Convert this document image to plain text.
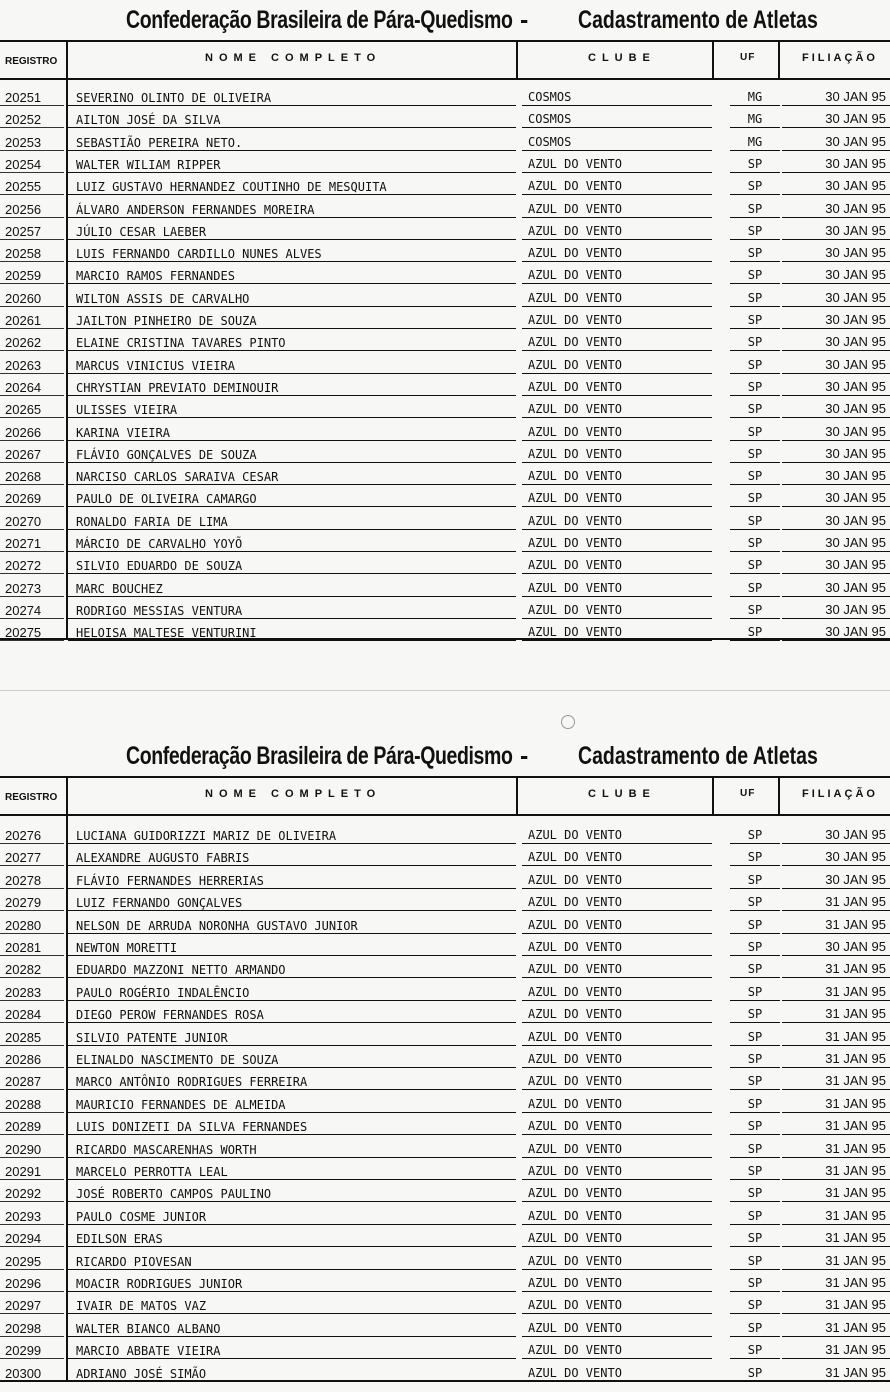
Confederação Brasileira de Pára-Quedismo - Cadastramento de Atletas
REGISTRO	NOME COMPLETO	CLUBE	UF	FILIAÇÃO
20251	SEVERINO OLINTO DE OLIVEIRA	COSMOS	MG	30 JAN 95
20252	AILTON JOSÉ DA SILVA	COSMOS	MG	30 JAN 95
20253	SEBASTIÃO PEREIRA NETO.	COSMOS	MG	30 JAN 95
20254	WALTER WILIAM RIPPER	AZUL DO VENTO	SP	30 JAN 95
20255	LUIZ GUSTAVO HERNANDEZ COUTINHO DE MESQUITA	AZUL DO VENTO	SP	30 JAN 95
20256	ÁLVARO ANDERSON FERNANDES MOREIRA	AZUL DO VENTO	SP	30 JAN 95
20257	JÚLIO CESAR LAEBER	AZUL DO VENTO	SP	30 JAN 95
20258	LUIS FERNANDO CARDILLO NUNES ALVES	AZUL DO VENTO	SP	30 JAN 95
20259	MARCIO RAMOS FERNANDES	AZUL DO VENTO	SP	30 JAN 95
20260	WILTON ASSIS DE CARVALHO	AZUL DO VENTO	SP	30 JAN 95
20261	JAILTON PINHEIRO DE SOUZA	AZUL DO VENTO	SP	30 JAN 95
20262	ELAINE CRISTINA TAVARES PINTO	AZUL DO VENTO	SP	30 JAN 95
20263	MARCUS VINICIUS VIEIRA	AZUL DO VENTO	SP	30 JAN 95
20264	CHRYSTIAN PREVIATO DEMINOUIR	AZUL DO VENTO	SP	30 JAN 95
20265	ULISSES VIEIRA	AZUL DO VENTO	SP	30 JAN 95
20266	KARINA VIEIRA	AZUL DO VENTO	SP	30 JAN 95
20267	FLÁVIO GONÇALVES DE SOUZA	AZUL DO VENTO	SP	30 JAN 95
20268	NARCISO CARLOS SARAIVA CESAR	AZUL DO VENTO	SP	30 JAN 95
20269	PAULO DE OLIVEIRA CAMARGO	AZUL DO VENTO	SP	30 JAN 95
20270	RONALDO FARIA DE LIMA	AZUL DO VENTO	SP	30 JAN 95
20271	MÁRCIO DE CARVALHO YOYÕ	AZUL DO VENTO	SP	30 JAN 95
20272	SILVIO EDUARDO DE SOUZA	AZUL DO VENTO	SP	30 JAN 95
20273	MARC BOUCHEZ	AZUL DO VENTO	SP	30 JAN 95
20274	RODRIGO MESSIAS VENTURA	AZUL DO VENTO	SP	30 JAN 95
20275	HELOISA MALTESE VENTURINI	AZUL DO VENTO	SP	30 JAN 95
Confederação Brasileira de Pára-Quedismo - Cadastramento de Atletas
REGISTRO	NOME COMPLETO	CLUBE	UF	FILIAÇÃO
20276	LUCIANA GUIDORIZZI MARIZ DE OLIVEIRA	AZUL DO VENTO	SP	30 JAN 95
20277	ALEXANDRE AUGUSTO FABRIS	AZUL DO VENTO	SP	30 JAN 95
20278	FLÁVIO FERNANDES HERRERIAS	AZUL DO VENTO	SP	30 JAN 95
20279	LUIZ FERNANDO GONÇALVES	AZUL DO VENTO	SP	31 JAN 95
20280	NELSON DE ARRUDA NORONHA GUSTAVO JUNIOR	AZUL DO VENTO	SP	31 JAN 95
20281	NEWTON MORETTI	AZUL DO VENTO	SP	30 JAN 95
20282	EDUARDO MAZZONI NETTO ARMANDO	AZUL DO VENTO	SP	31 JAN 95
20283	PAULO ROGÉRIO INDALÊNCIO	AZUL DO VENTO	SP	31 JAN 95
20284	DIEGO PEROW FERNANDES ROSA	AZUL DO VENTO	SP	31 JAN 95
20285	SILVIO PATENTE JUNIOR	AZUL DO VENTO	SP	31 JAN 95
20286	ELINALDO NASCIMENTO DE SOUZA	AZUL DO VENTO	SP	31 JAN 95
20287	MARCO ANTÔNIO RODRIGUES FERREIRA	AZUL DO VENTO	SP	31 JAN 95
20288	MAURICIO FERNANDES DE ALMEIDA	AZUL DO VENTO	SP	31 JAN 95
20289	LUIS DONIZETI DA SILVA FERNANDES	AZUL DO VENTO	SP	31 JAN 95
20290	RICARDO MASCARENHAS WORTH	AZUL DO VENTO	SP	31 JAN 95
20291	MARCELO PERROTTA LEAL	AZUL DO VENTO	SP	31 JAN 95
20292	JOSÉ ROBERTO CAMPOS PAULINO	AZUL DO VENTO	SP	31 JAN 95
20293	PAULO COSME JUNIOR	AZUL DO VENTO	SP	31 JAN 95
20294	EDILSON ERAS	AZUL DO VENTO	SP	31 JAN 95
20295	RICARDO PIOVESAN	AZUL DO VENTO	SP	31 JAN 95
20296	MOACIR RODRIGUES JUNIOR	AZUL DO VENTO	SP	31 JAN 95
20297	IVAIR DE MATOS VAZ	AZUL DO VENTO	SP	31 JAN 95
20298	WALTER BIANCO ALBANO	AZUL DO VENTO	SP	31 JAN 95
20299	MARCIO ABBATE VIEIRA	AZUL DO VENTO	SP	31 JAN 95
20300	ADRIANO JOSÉ SIMÃO	AZUL DO VENTO	SP	31 JAN 95
